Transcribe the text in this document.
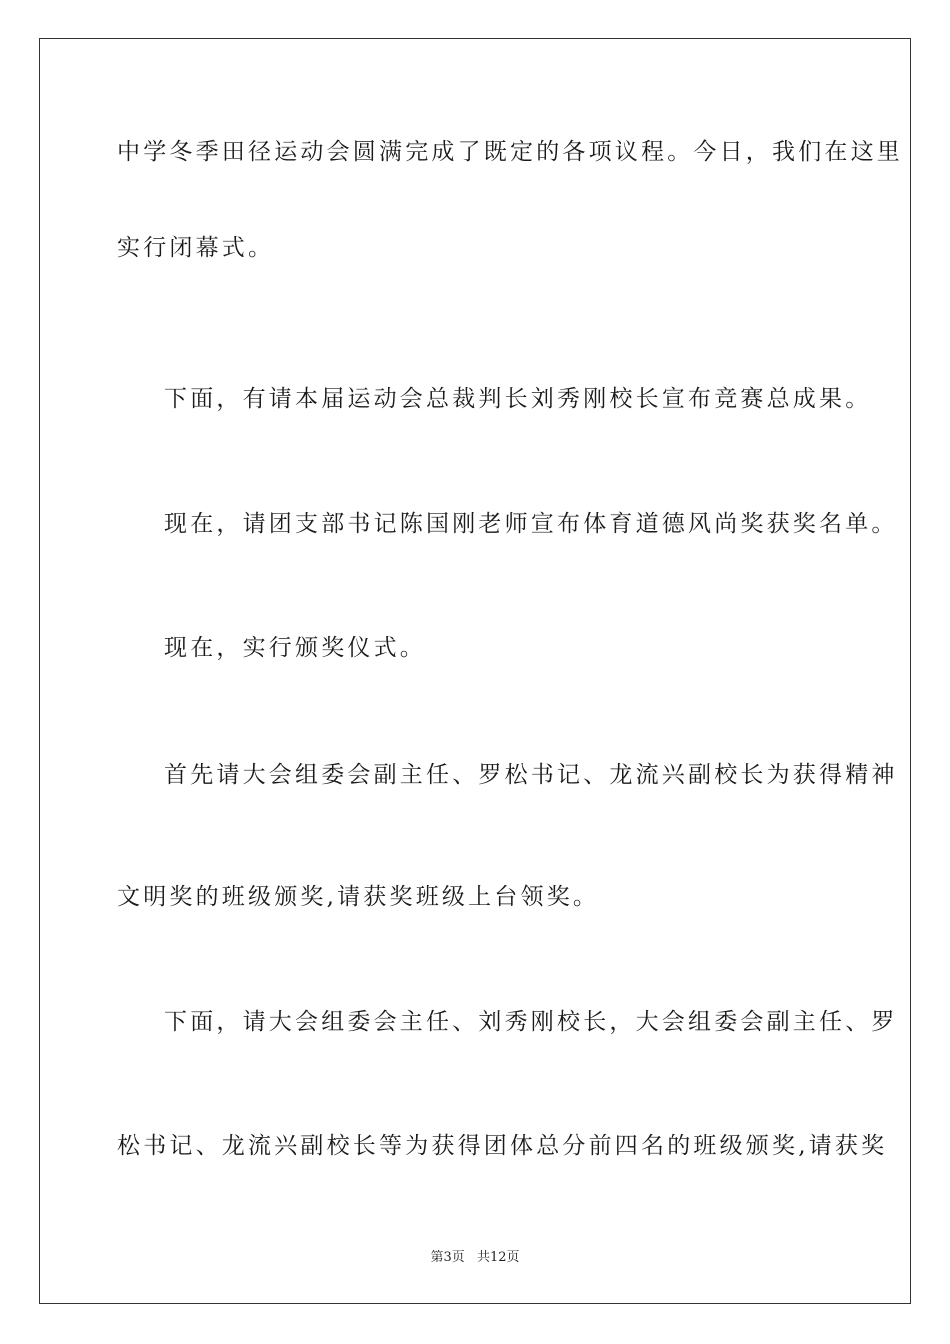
中学冬季田径运动会圆满完成了既定的各项议程。今日，我们在这里
实行闭幕式。
下面，有请本届运动会总裁判长刘秀刚校长宣布竞赛总成果。
现在，请团支部书记陈国刚老师宣布体育道德风尚奖获奖名单。
现在，实行颁奖仪式。
首先请大会组委会副主任、罗松书记、龙流兴副校长为获得精神
文明奖的班级颁奖,请获奖班级上台领奖。
下面，请大会组委会主任、刘秀刚校长，大会组委会副主任、罗
松书记、龙流兴副校长等为获得团体总分前四名的班级颁奖,请获奖
第3页 共12页
